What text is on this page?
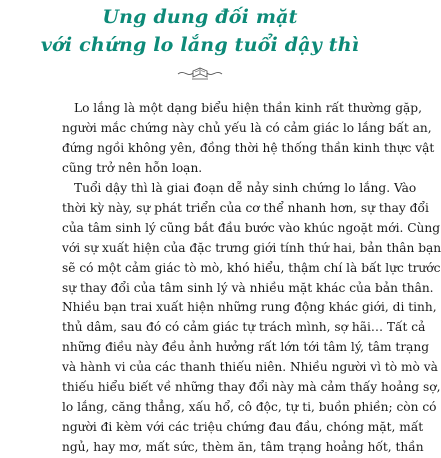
Ung dung đối mặt
với chứng lo lắng tuổi dậy thì
Lo lắng là một dạng biểu hiện thần kinh rất thường gặp,
người mắc chứng này chủ yếu là có cảm giác lo lắng bất an,
đứng ngồi không yên, đồng thời hệ thống thần kinh thực vật
cũng trở nên hỗn loạn.
Tuổi dậy thì là giai đoạn dễ nảy sinh chứng lo lắng. Vào
thời kỳ này, sự phát triển của cơ thể nhanh hơn, sự thay đổi
của tâm sinh lý cũng bắt đầu bước vào khúc ngoặt mới. Cùng
với sự xuất hiện của đặc trưng giới tính thứ hai, bản thân bạn
sẽ có một cảm giác tò mò, khó hiểu, thậm chí là bất lực trước
sự thay đổi của tâm sinh lý và nhiều mặt khác của bản thân.
Nhiều bạn trai xuất hiện những rung động khác giới, di tinh,
thủ dâm, sau đó có cảm giác tự trách mình, sợ hãi… Tất cả
những điều này đều ảnh hưởng rất lớn tới tâm lý, tâm trạng
và hành vi của các thanh thiếu niên. Nhiều người vì tò mò và
thiếu hiểu biết về những thay đổi này mà cảm thấy hoảng sợ,
lo lắng, căng thẳng, xấu hổ, cô độc, tự ti, buồn phiền; còn có
người đi kèm với các triệu chứng đau đầu, chóng mặt, mất
ngủ, hay mơ, mất sức, thèm ăn, tâm trạng hoảng hốt, thần
